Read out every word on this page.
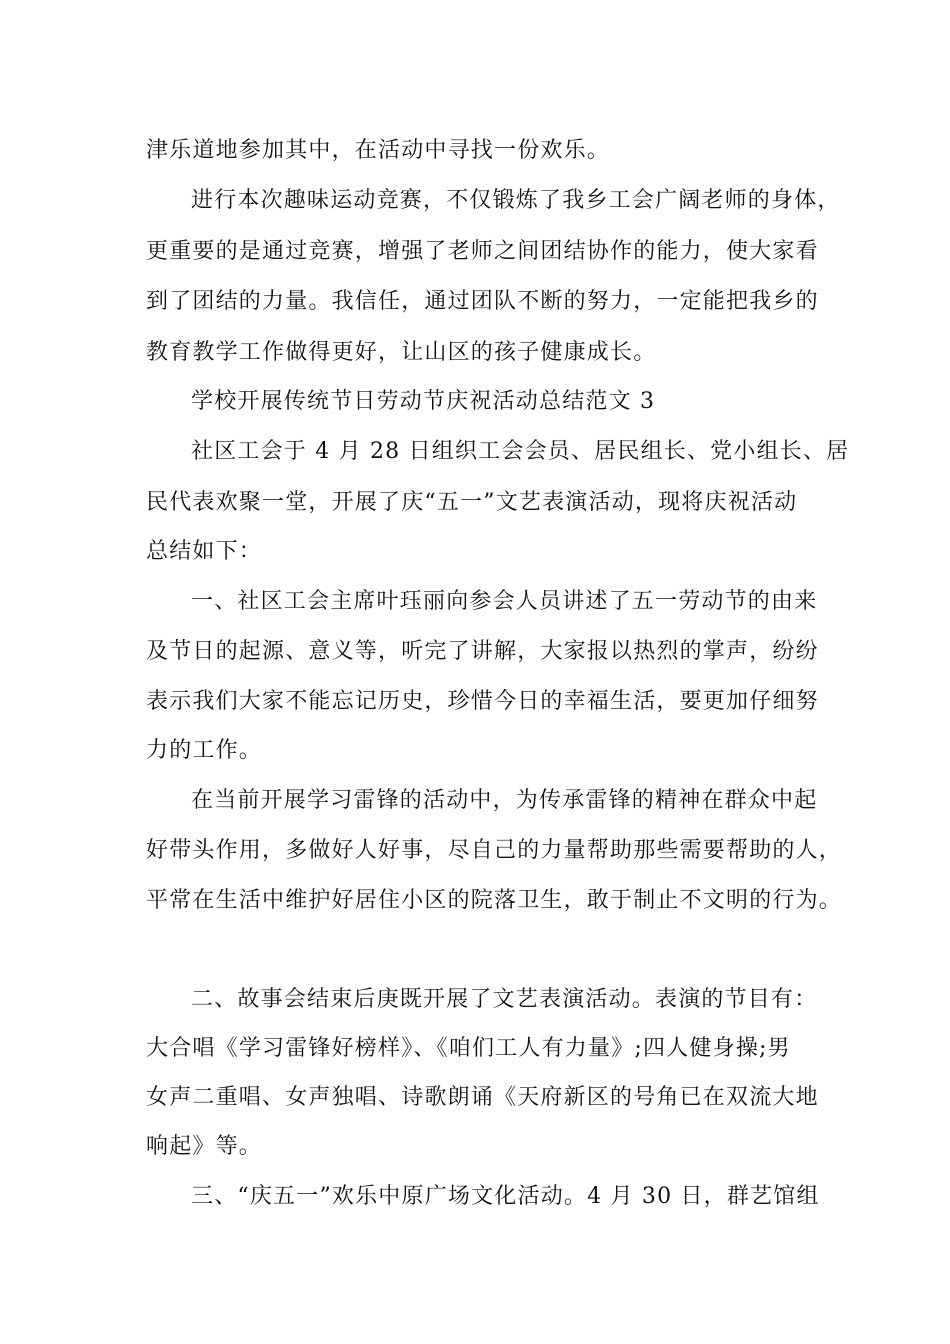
津乐道地参加其中，在活动中寻找一份欢乐。
进行本次趣味运动竞赛，不仅锻炼了我乡工会广阔老师的身体，
更重要的是通过竞赛，增强了老师之间团结协作的能力，使大家看
到了团结的力量。我信任，通过团队不断的努力，一定能把我乡的
教育教学工作做得更好，让山区的孩子健康成长。
学校开展传统节日劳动节庆祝活动总结范文 3
社区工会于 4 月 28 日组织工会会员、居民组长、党小组长、居
民代表欢聚一堂，开展了庆“五一”文艺表演活动，现将庆祝活动
总结如下：
一、社区工会主席叶珏丽向参会人员讲述了五一劳动节的由来
及节日的起源、意义等，听完了讲解，大家报以热烈的掌声，纷纷
表示我们大家不能忘记历史，珍惜今日的幸福生活，要更加仔细努
力的工作。
在当前开展学习雷锋的活动中，为传承雷锋的精神在群众中起
好带头作用，多做好人好事，尽自己的力量帮助那些需要帮助的人，
平常在生活中维护好居住小区的院落卫生，敢于制止不文明的行为。
二、故事会结束后庚既开展了文艺表演活动。表演的节目有：
大合唱《学习雷锋好榜样》、《咱们工人有力量》;四人健身操;男
女声二重唱、女声独唱、诗歌朗诵《天府新区的号角已在双流大地
响起》等。
三、“庆五一”欢乐中原广场文化活动。4 月 30 日，群艺馆组
